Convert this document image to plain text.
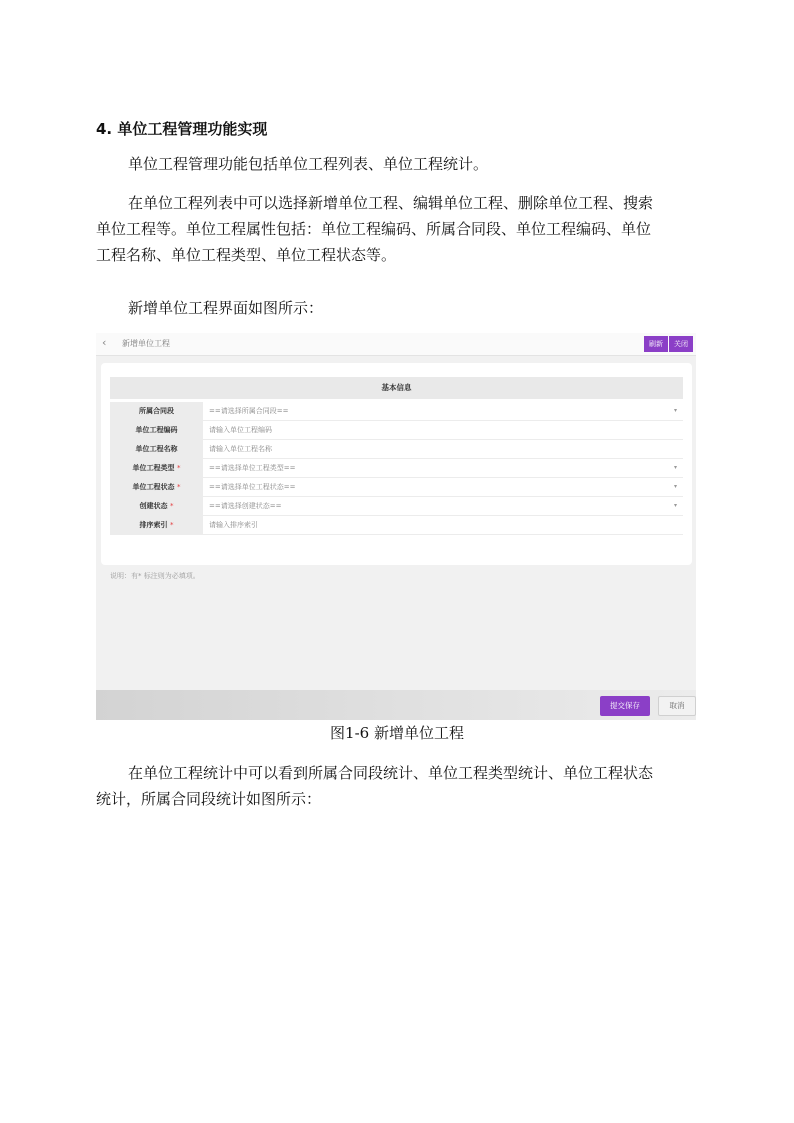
4. 单位工程管理功能实现
单位工程管理功能包括单位工程列表、单位工程统计。
在单位工程列表中可以选择新增单位工程、编辑单位工程、删除单位工程、搜索
单位工程等。单位工程属性包括：单位工程编码、所属合同段、单位工程编码、单位
工程名称、单位工程类型、单位工程状态等。
新增单位工程界面如图所示：
‹ 新增单位工程	刷新	关闭
基本信息
所属合同段	==请选择所属合同段==	▾
单位工程编码	请输入单位工程编码
单位工程名称	请输入单位工程名称
单位工程类型 *	==请选择单位工程类型==	▾
单位工程状态 *	==请选择单位工程状态==	▾
创建状态 *	==请选择创建状态==	▾
排序索引 *	请输入排序索引
说明：有* 标注则为必填项。
提交保存	取消
图1-6 新增单位工程
在单位工程统计中可以看到所属合同段统计、单位工程类型统计、单位工程状态
统计，所属合同段统计如图所示：
